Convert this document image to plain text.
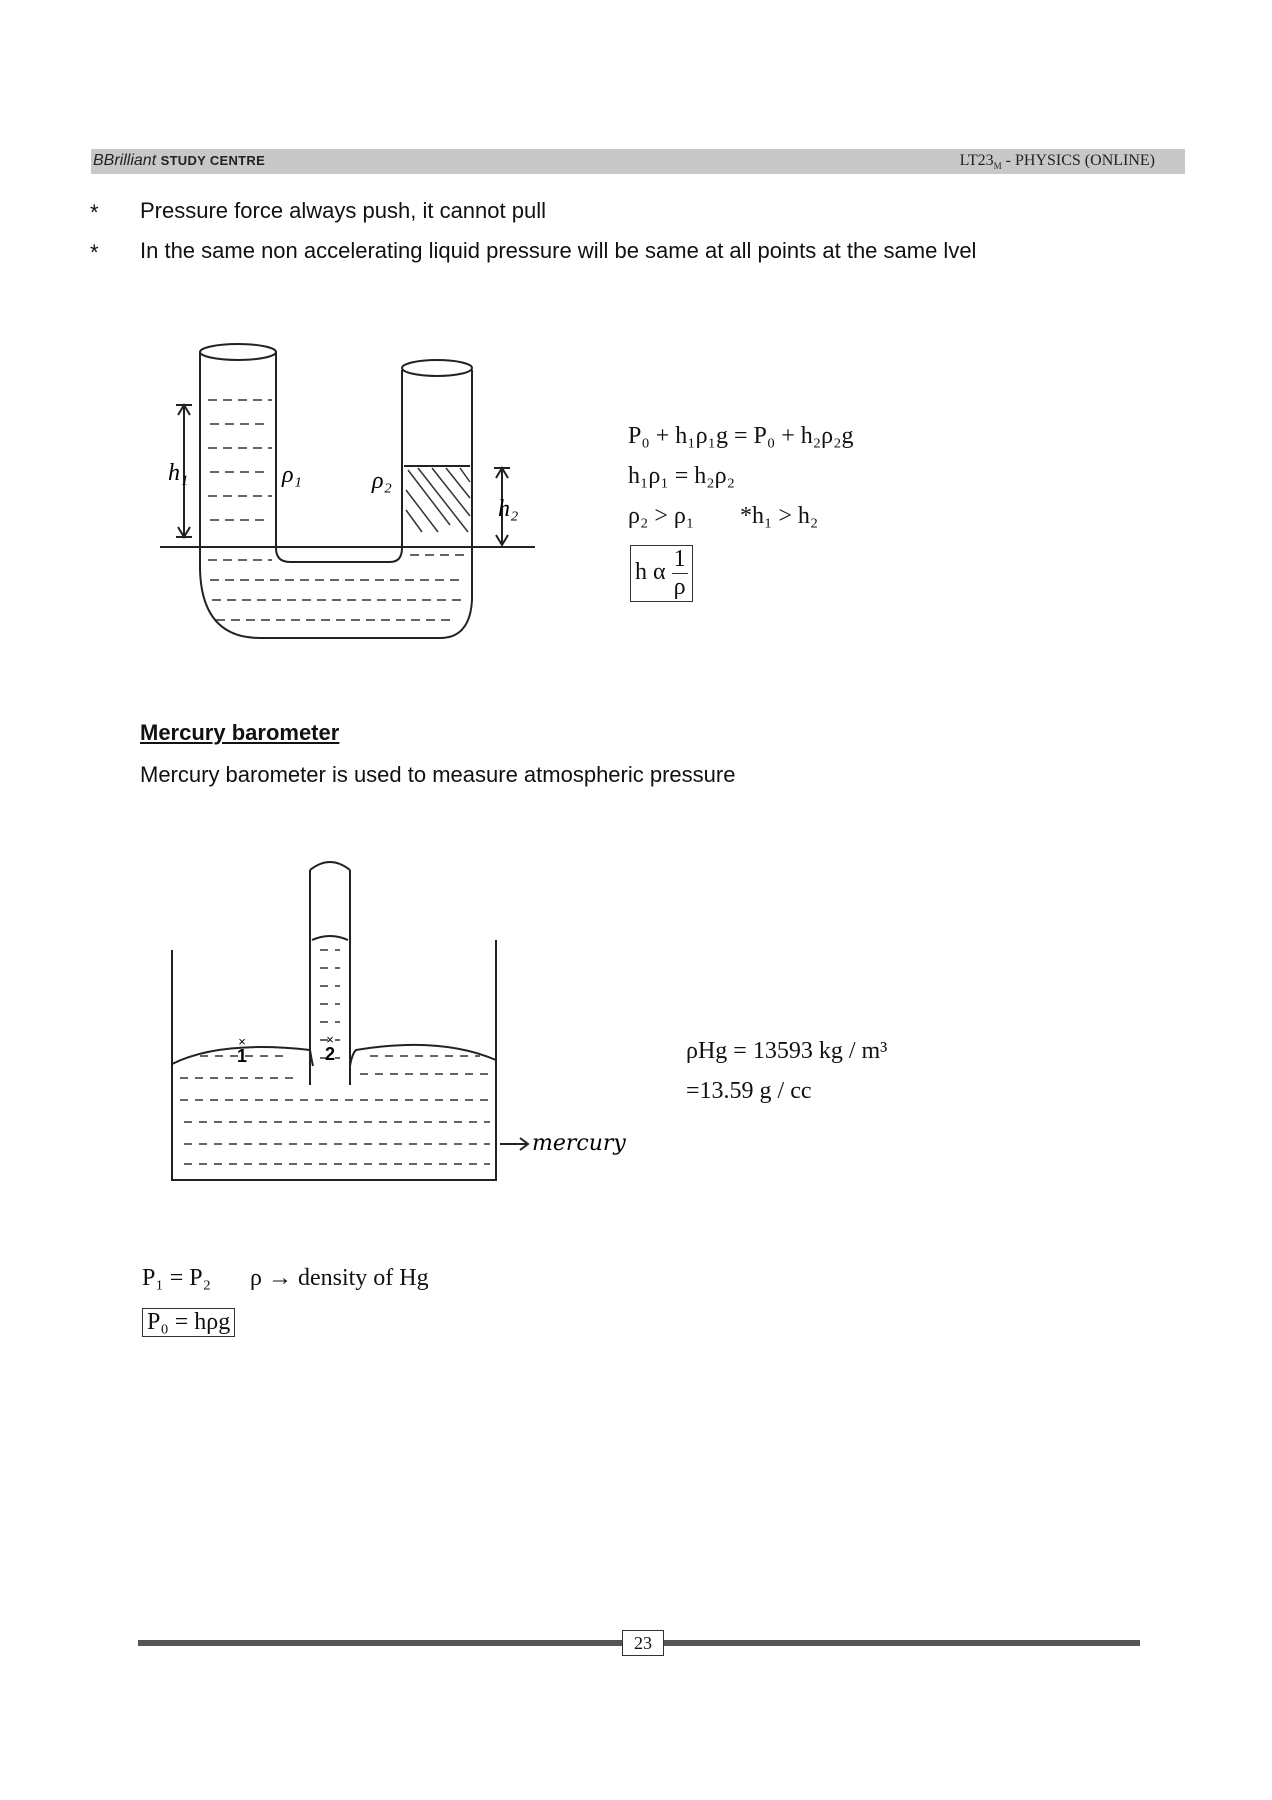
BBrilliant STUDY CENTRE	$LT23_M$ - PHYSICS (ONLINE)
* Pressure force always push, it cannot pull
* In the same non accelerating liquid pressure will be same at all points at the same lvel
h₁	ρ₁	ρ₂
h₂
P₀ + h₁ρ₁g = P₀ + h₂ρ₂g
h₁ρ₁ = h₂ρ₂
ρ₂ > ρ₁ *h₁ > h₂
h α $\frac{1}{\rho}$
Mercury barometer
Mercury barometer is used to measure atmospheric pressure
×
1
×
2
mercury
ρHg = 13593 kg / m³
=13.59 g / cc
P₁ = P₂ ρ → density of Hg
P₀ = hρg
23
